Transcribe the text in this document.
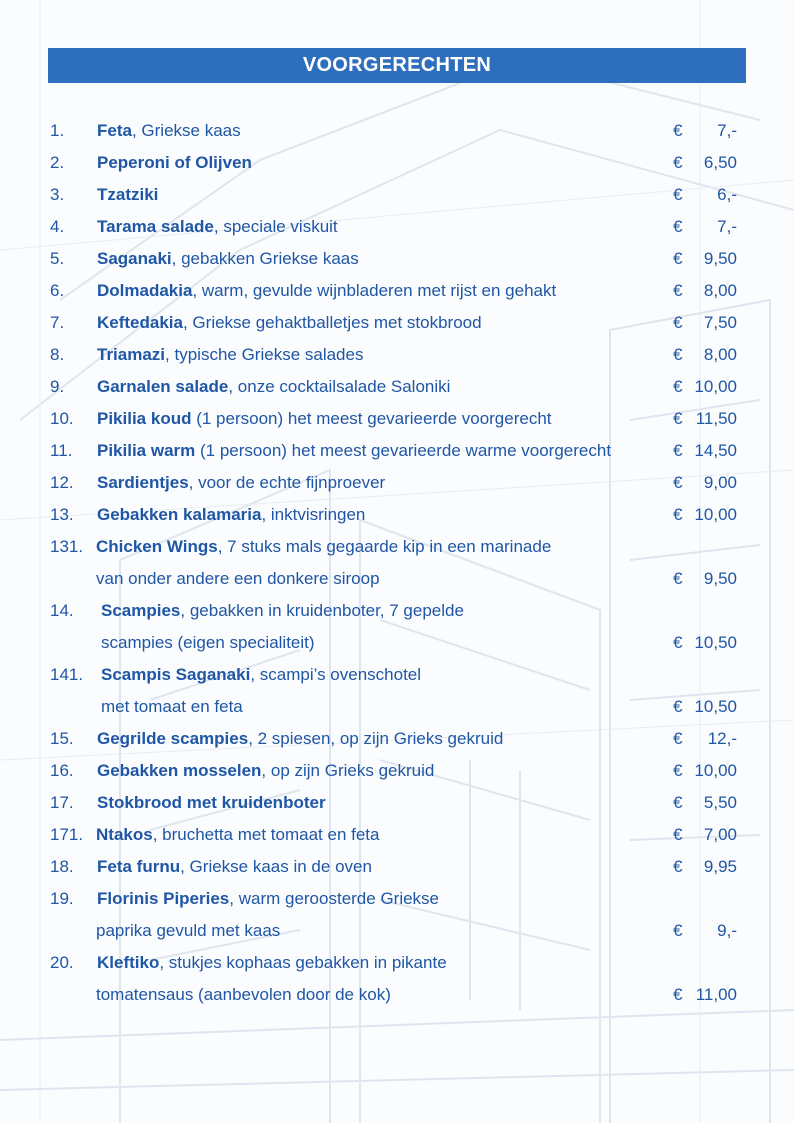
VOORGERECHTEN
1. Feta, Griekse kaas	€ 7,-
2. Peperoni of Olijven	€ 6,50
3. Tzatziki	€ 6,-
4. Tarama salade, speciale viskuit	€ 7,-
5. Saganaki, gebakken Griekse kaas	€ 9,50
6. Dolmadakia, warm, gevulde wijnbladeren met rijst en gehakt	€ 8,00
7. Keftedakia, Griekse gehaktballetjes met stokbrood	€ 7,50
8. Triamazi, typische Griekse salades	€ 8,00
9. Garnalen salade, onze cocktailsalade Saloniki	€ 10,00
10. Pikilia koud (1 persoon) het meest gevarieerde voorgerecht	€ 11,50
11. Pikilia warm (1 persoon) het meest gevarieerde warme voorgerecht	€ 14,50
12. Sardientjes, voor de echte fijnproever	€ 9,00
13. Gebakken kalamaria, inktvisringen	€ 10,00
131. Chicken Wings, 7 stuks mals gegaarde kip in een marinade
van onder andere een donkere siroop	€ 9,50
14. Scampies, gebakken in kruidenboter, 7 gepelde
scampies (eigen specialiteit)	€ 10,50
141. Scampis Saganaki, scampi’s ovenschotel
met tomaat en feta	€ 10,50
15. Gegrilde scampies, 2 spiesen, op zijn Grieks gekruid	€ 12,-
16. Gebakken mosselen, op zijn Grieks gekruid	€ 10,00
17. Stokbrood met kruidenboter	€ 5,50
171. Ntakos, bruchetta met tomaat en feta	€ 7,00
18. Feta furnu, Griekse kaas in de oven	€ 9,95
19. Florinis Piperies, warm geroosterde Griekse
paprika gevuld met kaas	€ 9,-
20. Kleftiko, stukjes kophaas gebakken in pikante
tomatensaus (aanbevolen door de kok)	€ 11,00
